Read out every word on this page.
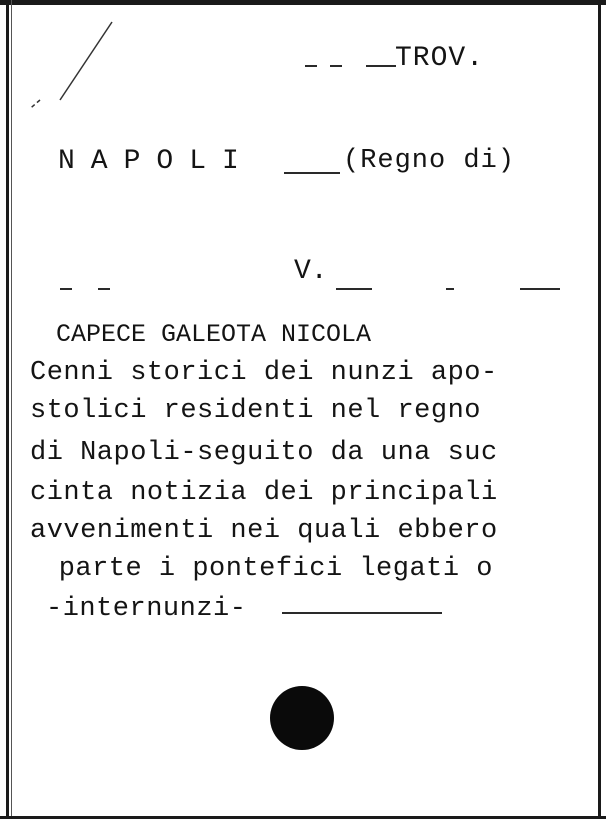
TROV.
NAPOLI	(Regno di)
V.
CAPECE GALEOTA NICOLA
Cenni storici dei nunzi apo-
stolici residenti nel regno
di Napoli-seguito da una suc
cinta notizia dei principali
avvenimenti nei quali ebbero
parte i pontefici legati o
-internunzi-
